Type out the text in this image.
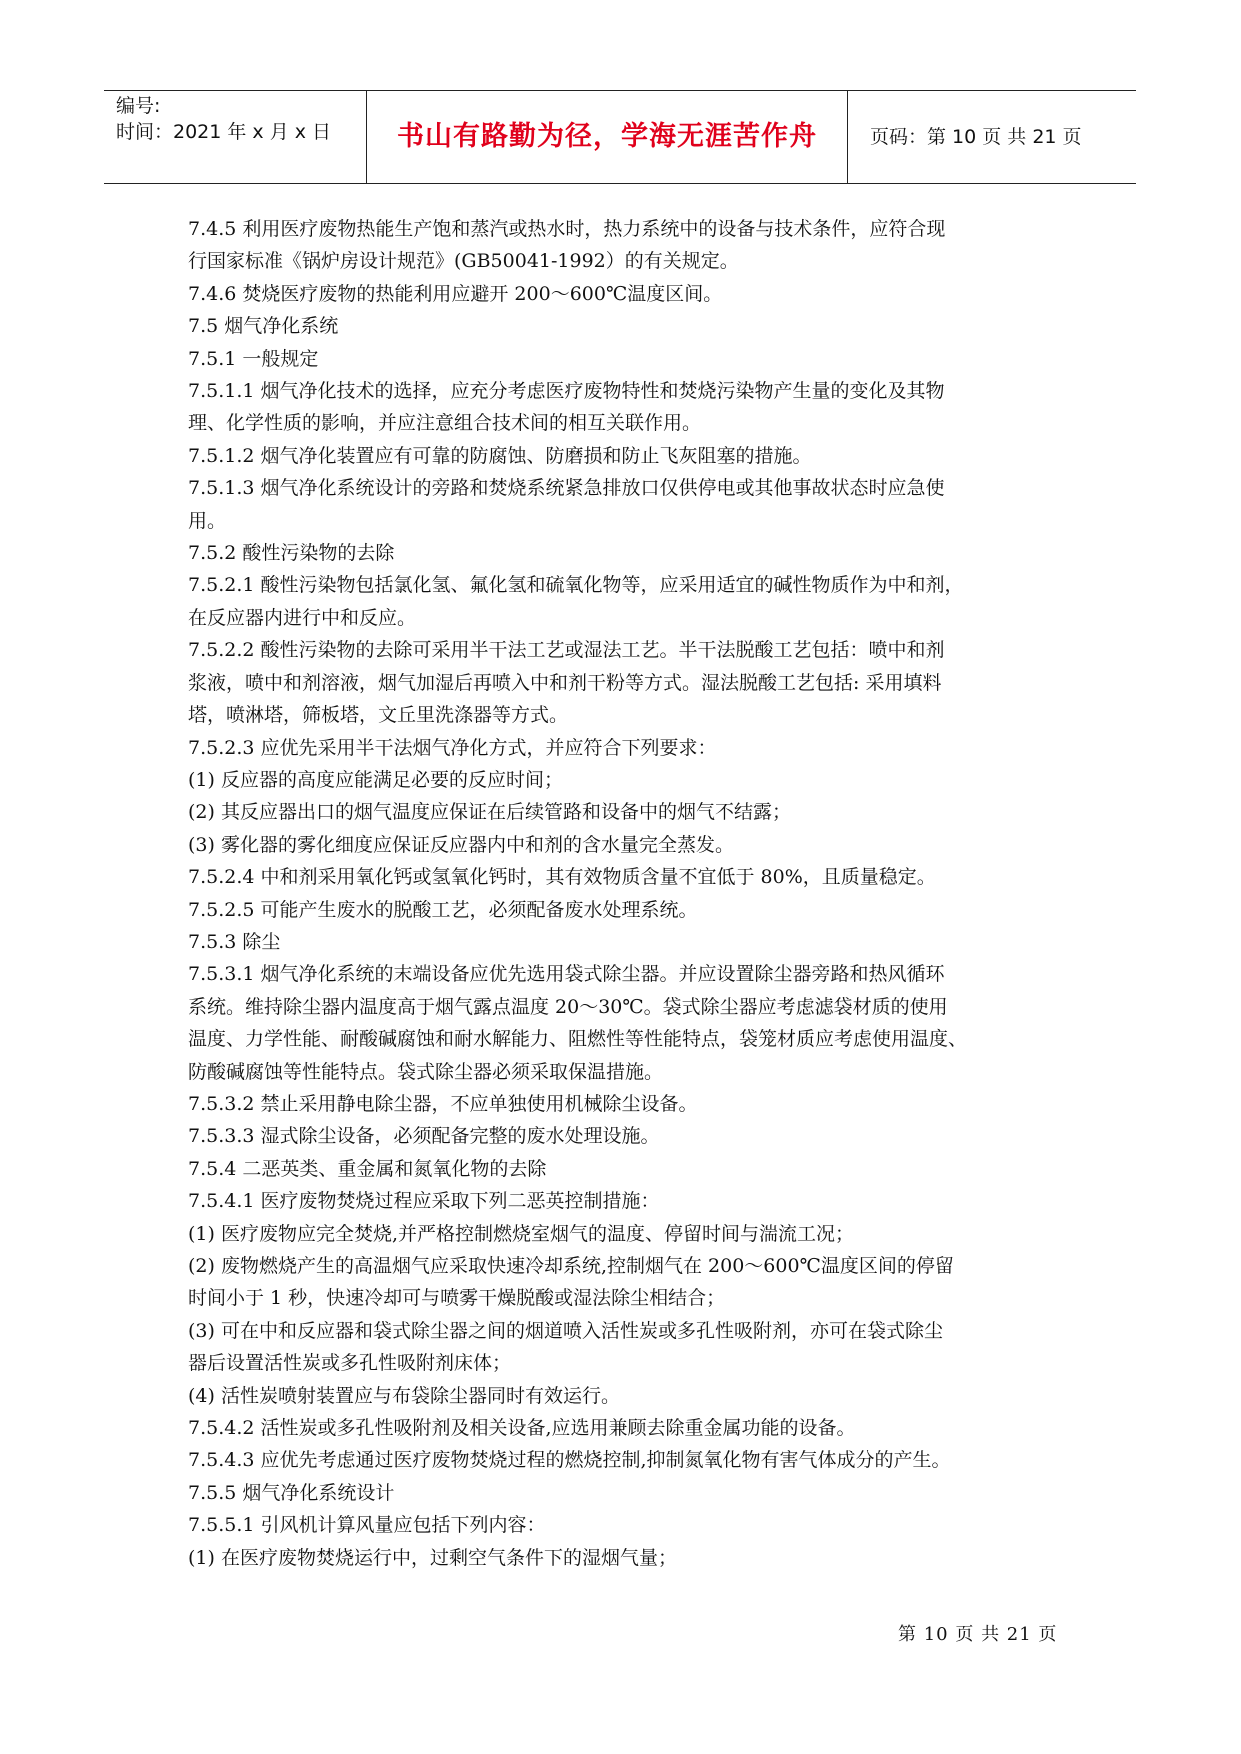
编号:
时间：2021 年 x 月 x 日	书山有路勤为径，学海无涯苦作舟	页码：第 10 页 共 21 页

7.4.5 利用医疗废物热能生产饱和蒸汽或热水时，热力系统中的设备与技术条件，应符合现

行国家标准《锅炉房设计规范》(GB50041-1992）的有关规定。

7.4.6 焚烧医疗废物的热能利用应避开 200～600℃温度区间。

7.5 烟气净化系统

7.5.1 一般规定

7.5.1.1 烟气净化技术的选择，应充分考虑医疗废物特性和焚烧污染物产生量的变化及其物

理、化学性质的影响，并应注意组合技术间的相互关联作用。

7.5.1.2 烟气净化装置应有可靠的防腐蚀、防磨损和防止飞灰阻塞的措施。

7.5.1.3 烟气净化系统设计的旁路和焚烧系统紧急排放口仅供停电或其他事故状态时应急使

用。

7.5.2 酸性污染物的去除

7.5.2.1 酸性污染物包括氯化氢、氟化氢和硫氧化物等，应采用适宜的碱性物质作为中和剂，

在反应器内进行中和反应。

7.5.2.2 酸性污染物的去除可采用半干法工艺或湿法工艺。半干法脱酸工艺包括：喷中和剂

浆液，喷中和剂溶液，烟气加湿后再喷入中和剂干粉等方式。湿法脱酸工艺包括: 采用填料

塔，喷淋塔，筛板塔，文丘里洗涤器等方式。

7.5.2.3 应优先采用半干法烟气净化方式，并应符合下列要求：

(1) 反应器的高度应能满足必要的反应时间；

(2) 其反应器出口的烟气温度应保证在后续管路和设备中的烟气不结露；

(3) 雾化器的雾化细度应保证反应器内中和剂的含水量完全蒸发。

7.5.2.4 中和剂采用氧化钙或氢氧化钙时，其有效物质含量不宜低于 80%，且质量稳定。

7.5.2.5 可能产生废水的脱酸工艺，必须配备废水处理系统。

7.5.3 除尘

7.5.3.1 烟气净化系统的末端设备应优先选用袋式除尘器。并应设置除尘器旁路和热风循环

系统。维持除尘器内温度高于烟气露点温度 20～30℃。袋式除尘器应考虑滤袋材质的使用

温度、力学性能、耐酸碱腐蚀和耐水解能力、阻燃性等性能特点，袋笼材质应考虑使用温度、

防酸碱腐蚀等性能特点。袋式除尘器必须采取保温措施。

7.5.3.2 禁止采用静电除尘器，不应单独使用机械除尘设备。

7.5.3.3 湿式除尘设备，必须配备完整的废水处理设施。

7.5.4 二恶英类、重金属和氮氧化物的去除

7.5.4.1 医疗废物焚烧过程应采取下列二恶英控制措施：

(1) 医疗废物应完全焚烧,并严格控制燃烧室烟气的温度、停留时间与湍流工况；

(2) 废物燃烧产生的高温烟气应采取快速冷却系统,控制烟气在 200～600℃温度区间的停留

时间小于 1 秒，快速冷却可与喷雾干燥脱酸或湿法除尘相结合；

(3) 可在中和反应器和袋式除尘器之间的烟道喷入活性炭或多孔性吸附剂，亦可在袋式除尘

器后设置活性炭或多孔性吸附剂床体；

(4) 活性炭喷射装置应与布袋除尘器同时有效运行。

7.5.4.2 活性炭或多孔性吸附剂及相关设备,应选用兼顾去除重金属功能的设备。

7.5.4.3 应优先考虑通过医疗废物焚烧过程的燃烧控制,抑制氮氧化物有害气体成分的产生。

7.5.5 烟气净化系统设计

7.5.5.1 引风机计算风量应包括下列内容：

(1) 在医疗废物焚烧运行中，过剩空气条件下的湿烟气量；

第 10 页 共 21 页
